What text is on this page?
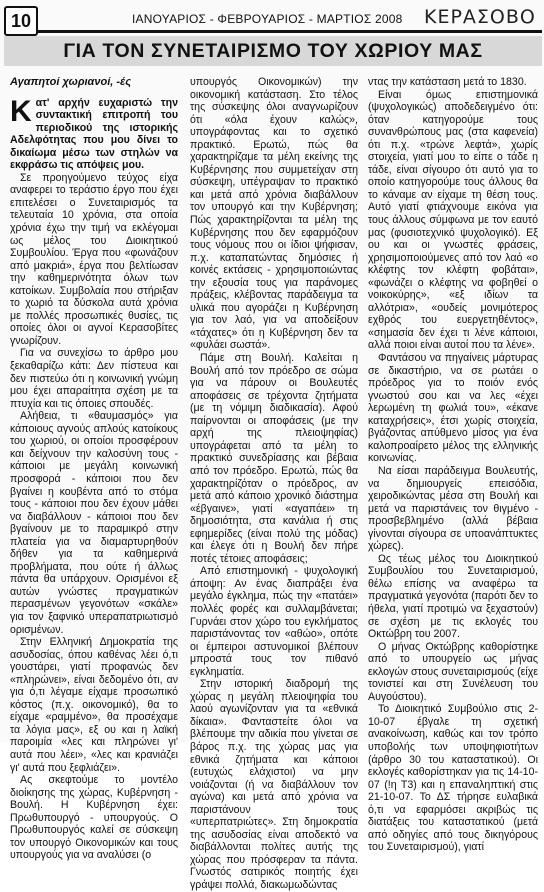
10	ΙΑΝΟΥΑΡΙΟΣ - ΦΕΒΡΟΥΑΡΙΟΣ - ΜΑΡΤΙΟΣ 2008 ΚΕΡΑΣΟΒΟ
ΓΙΑ ΤΟΝ ΣΥΝΕΤΑΙΡΙΣΜΟ ΤΟΥ ΧΩΡΙΟΥ ΜΑΣ

Αγαπητοί χωριανοί, -ές

Κατ' αρχήν ευχαριστώ την συντακτική επιτροπή του περιοδικού της ιστορικής Αδελφότητας που μου δίνει το δικαίωμα μέσω των στηλών να εκφράσω τις απόψεις μου.

Σε προηγούμενο τεύχος είχα αναφερει το τεράστιο έργο που έχει επιτελέσει ο Συνεταιρισμός τα τελευταία 10 χρόνια, στα οποία χρόνια έχω την τιμή να εκλέγομαι ως μέλος του Διοικητικού Συμβουλίου. Έργα που «φωνάζουν από μακριά», έργα που βελτίωσαν την καθημερινότητα όλων των κατοίκων. Συμβολαία που στήριξαν το χωριό τα δύσκολα αυτά χρόνια με πολλές προσωπικές θυσίες, τις οποίες όλοι οι αγνοί Κερασοβίτες γνωρίζουν.

Για να συνεχίσω το άρθρο μου ξεκαθαρίζω κάτι: Δεν πίστευα και δεν πιστεύω ότι η κοινωνική γνώμη μου έχει απαραίτητα σχέση με τα πτυχία και τις όποιες σπουδές.

Αλήθεια, τι «θαυμασμός» για κάποιους αγνούς απλούς κατοίκους του χωριού, οι οποίοι προσφέρουν και δείχνουν την καλοσύνη τους - κάποιοι με μεγάλη κοινωνική προσφορά - κάποιοι που δεν βγαίνει η κουβέντα από το στόμα τους - κάποιοι που δεν έχουν μάθει να διαβάλλουν - κάποιοι που δεν βγαίνουν με το παραμικρό στην πλατεία για να διαμαρτυρηθούν δήθεν για τα καθημερινά προβλήματα, που ούτε ή άλλως πάντα θα υπάρχουν. Ορισμένοι εξ αυτών γνώστες πραγματικών περασμένων γεγονότων «σκάλε» για τον ξαφνικό υπεραπατριωτισμό ορισμένων.

Στην Ελληνική Δημοκρατία της ασυδοσίας, όπου καθένας λέει ό,τι γουστάρει, γιατί προφανώς δεν «πληρώνει», είναι δεδομένο ότι, αν για ό,τι λέγαμε είχαμε προσωπικό κόστος (π.χ. οικονομικό), θα το είχαμε «ραμμένο», θα προσέχαμε τα λόγια μας», εξ ου και η λαϊκή παροιμία «λες και πληρώνει γι' αυτά που λέει», «λες και κρανιάζει γι' αυτά που ξεφλιάζει».

Ας σκεφτούμε το μοντέλο διοίκησης της χώρας, Κυβέρνηση - Βουλή. Η Κυβέρνηση έχει: Πρωθυπουργό - υπουργούς. Ο Πρωθυπουργός καλεί σε σύσκεψη τον υπουργό Οικονομικών και τους υπουργούς για να αναλύσει (ο

υπουργός Οικονομικών) την οικονομική κατάσταση. Στο τέλος της σύσκεψης όλοι αναγνωρίζουν ότι «όλα έχουν καλώς», υπογράφοντας και το σχετικό πρακτικό. Ερωτώ, πώς θα χαρακτηρίζαμε τα μέλη εκείνης της Κυβέρνησης που συμμετείχαν στη σύσκεψη, υπέγραψαν το πρακτικό και μετά από χρόνια διαβάλλουν τον υπουργό και την Κυβέρνηση; Πώς χαρακτηρίζονται τα μέλη της Κυβέρνησης που δεν εφαρμόζουν τους νόμους που οι ίδιοι ψήφισαν, π.χ. καταπατώντας δημόσιες ή κοινές εκτάσεις - χρησιμοποιώντας την εξουσία τους για παράνομες πράξεις, κλέβοντας παράδειγμα τα υλικά που αγοράζει η Κυβέρνηση για τον λαό, για να αποδείξουν «τάχατες» ότι η Κυβέρνηση δεν τα «φυλάει σωστά».

Πάμε στη Βουλή. Καλείται η Βουλή από τον πρόεδρο σε σώμα για να πάρουν οι Βουλευτές αποφάσεις σε τρέχοντα ζητήματα (με τη νόμιμη διαδικασία). Αφού παίρνονται οι αποφάσεις (με την αρχή της πλειοψηφίας) υπογράφεται από τα μέλη το πρακτικό συνεδρίασης και βέβαια από τον πρόεδρο. Ερωτώ, πώς θα χαρακτηρίζόταν ο πρόεδρος, αν μετά από κάποιο χρονικό διάστημα «έβγαινε», γιατί «αγαπάει» τη δημοσιότητα, στα κανάλια ή στις εφημερίδες (είναι πολύ της μόδας) και έλεγε ότι η Βουλή δεν πήρε ποτές τέτοιες αποφάσεις;

Από επιστημονική - ψυχολογική άποψη: Αν ένας διαπράξει ένα μεγάλο έγκλημα, πώς την «πατάει» πολλές φορές και συλλαμβάνεται; Γυρνάει στον χώρο του εγκλήματος παριστάνοντας τον «αθώο», οπότε οι έμπειροι αστυνομικοί βλέπουν μπροστά τους τον πιθανό εγκληματία.

Στην ιστορική διαδρομή της χώρας η μεγάλη πλειοψηφία του λαού αγωνίζονταν για τα «εθνικά δίκαια». Φανταστείτε όλοι να βλέπουμε την αδικία που γίνεται σε βάρος π.χ. της χώρας μας για εθνικά ζητήματα και κάποιοι (ευτυχώς ελάχιστοι) να μην νοιάζονται (ή να διαβάλλουν τον αγώνα) και μετά από χρόνια να παριστάνουν τους «υπερπατριώτες». Στη δημοκρατία της ασυδοσίας είναι αποδεκτό να διαβάλλονται πολίτες αυτής της χώρας που πρόσφεραν τα πάντα. Γνωστός σατιρικός ποιητής έχει γράψει πολλά, διακωμωδώντας

ντας την κατάσταση μετά το 1830.

Είναι όμως επιστημονικά (ψυχολογικώς) αποδεδειγμένο ότι: όταν κατηγορούμε τους συνανθρώπους μας (στα καφενεία) ότι π.χ. «τρώνε λεφτά», χωρίς στοιχεία, γιατί μου το είπε ο τάδε η τάδε, είναι σίγουρο ότι αυτό για το οποίο κατηγορούμε τους άλλους θα το κάναμε αν είχαμε τη θέση τους. Αυτό γιατί φτιάχνουμε εικόνα για τους άλλους σύμφωνα με τον εαυτό μας (φυσιοτεχνικό ψυχολογικό). Εξ ου και οι γνωστές φράσεις, χρησιμοποιούμενες από τον λαό «ο κλέφτης τον κλέφτη φοβάται», «φωνάζει ο κλέφτης να φοβηθεί ο νοικοκύρης», «εξ ιδίων τα αλλότρια», «ουδείς μονιμότερος εχθρός του ευεργετηθέντος», «σημασία δεν έχει τι λένε κάποιοι, αλλά ποιοι είναι αυτοί που τα λένε».

Φαντάσου να πηγαίνεις μάρτυρας σε δικαστήριο, να σε ρωτάει ο πρόεδρος για το ποιόν ενός γνωστού σου και να λες «έχει λερωμένη τη φωλιά του», «έκανε καταχρήσεις», έτσι χωρίς στοιχεία, βγάζοντας απύθμενο μίσος για ένα καλοπροαίρετο μέλος της ελληνικής κοινωνίας.

Να είσαι παράδειγμα Βουλευτής, να δημιουργείς επεισόδια, χειροδικώντας μέσα στη Βουλή και μετά να παριστάνεις τον θιγμένο - προσβεβλημένο (αλλά βέβαια γίνονται σίγουρα σε υποανάπτυκτες χώρες).

Ως τέως μέλος του Διοικητικού Συμβουλίου του Συνεταιρισμού, θέλω επίσης να αναφέρω τα πραγματικά γεγονότα (παρότι δεν το ήθελα, γιατί προτιμώ να ξεχαστούν) σε σχέση με τις εκλογές του Οκτώβρη του 2007.

Ο μήνας Οκτώβρης καθορίστηκε από το υπουργείο ως μήνας εκλογών στους συνεταιρισμούς (είχε τονιστεί και στη Συνέλευση του Αυγούστου).

Το Διοικητικό Συμβούλιο στις 2-10-07 έβγαλε τη σχετική ανακοίνωση, καθώς και τον τρόπο υποβολής των υποψηφιοτήτων (άρθρο 30 του καταστατικού). Οι εκλογές καθορίστηκαν για τις 14-10-07 (!η Τ3) και η επαναληπτική στις 21-10-07. Το ΔΣ τήρησε ευλαβικά ό,τι να εφαρμόσει ακριβώς τις διατάξεις του καταστατικού (μετά από οδηγίες από τους δικηγόρους του Συνεταιρισμού), γιατί
